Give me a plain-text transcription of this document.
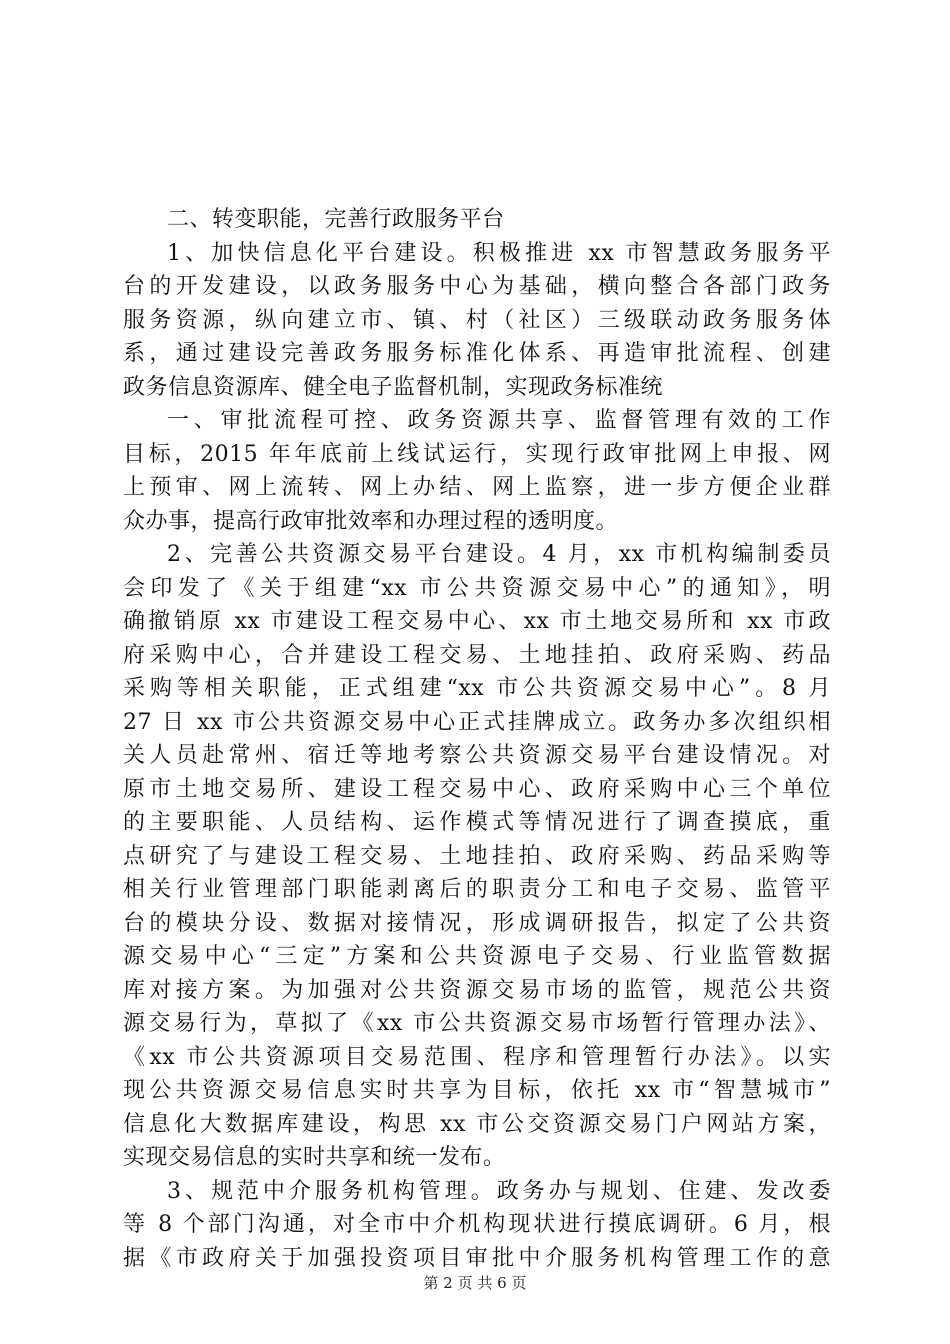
二、转变职能，完善行政服务平台
1、加快信息化平台建设。积极推进 xx 市智慧政务服务平
台的开发建设，以政务服务中心为基础，横向整合各部门政务
服务资源，纵向建立市、镇、村（社区）三级联动政务服务体
系，通过建设完善政务服务标准化体系、再造审批流程、创建
政务信息资源库、健全电子监督机制，实现政务标准统
一、审批流程可控、政务资源共享、监督管理有效的工作
目标，2015 年年底前上线试运行，实现行政审批网上申报、网
上预审、网上流转、网上办结、网上监察，进一步方便企业群
众办事，提高行政审批效率和办理过程的透明度。
2、完善公共资源交易平台建设。4 月，xx 市机构编制委员
会印发了《关于组建“xx 市公共资源交易中心”的通知》，明
确撤销原 xx 市建设工程交易中心、xx 市土地交易所和 xx 市政
府采购中心，合并建设工程交易、土地挂拍、政府采购、药品
采购等相关职能，正式组建“xx 市公共资源交易中心”。8 月
27 日 xx 市公共资源交易中心正式挂牌成立。政务办多次组织相
关人员赴常州、宿迁等地考察公共资源交易平台建设情况。对
原市土地交易所、建设工程交易中心、政府采购中心三个单位
的主要职能、人员结构、运作模式等情况进行了调查摸底，重
点研究了与建设工程交易、土地挂拍、政府采购、药品采购等
相关行业管理部门职能剥离后的职责分工和电子交易、监管平
台的模块分设、数据对接情况，形成调研报告，拟定了公共资
源交易中心“三定”方案和公共资源电子交易、行业监管数据
库对接方案。为加强对公共资源交易市场的监管，规范公共资
源交易行为，草拟了《xx 市公共资源交易市场暂行管理办法》、
《xx 市公共资源项目交易范围、程序和管理暂行办法》。以实
现公共资源交易信息实时共享为目标，依托 xx 市“智慧城市”
信息化大数据库建设，构思 xx 市公交资源交易门户网站方案，
实现交易信息的实时共享和统一发布。
3、规范中介服务机构管理。政务办与规划、住建、发改委
等 8 个部门沟通，对全市中介机构现状进行摸底调研。6 月，根
据《市政府关于加强投资项目审批中介服务机构管理工作的意
第 2 页 共 6 页
